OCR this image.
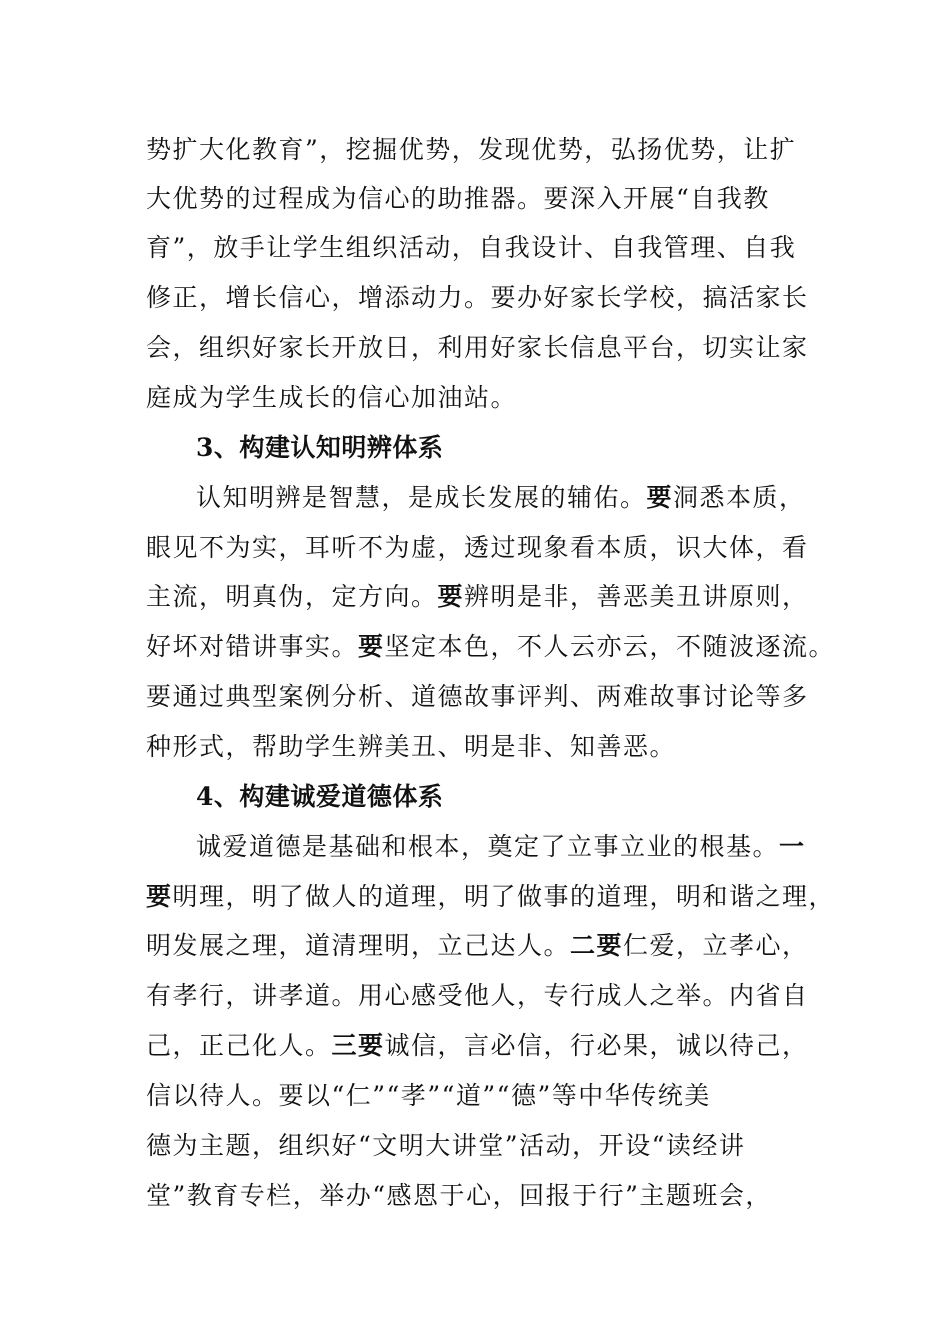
势扩大化教育”，挖掘优势，发现优势，弘扬优势，让扩
大优势的过程成为信心的助推器。要深入开展“自我教
育”，放手让学生组织活动，自我设计、自我管理、自我
修正，增长信心，增添动力。要办好家长学校，搞活家长
会，组织好家长开放日，利用好家长信息平台，切实让家
庭成为学生成长的信心加油站。
3、构建认知明辨体系
认知明辨是智慧，是成长发展的辅佑。要洞悉本质，
眼见不为实，耳听不为虚，透过现象看本质，识大体，看
主流，明真伪，定方向。要辨明是非，善恶美丑讲原则，
好坏对错讲事实。要坚定本色，不人云亦云，不随波逐流。
要通过典型案例分析、道德故事评判、两难故事讨论等多
种形式，帮助学生辨美丑、明是非、知善恶。
4、构建诚爱道德体系
诚爱道德是基础和根本，奠定了立事立业的根基。一
要明理，明了做人的道理，明了做事的道理，明和谐之理，
明发展之理，道清理明，立己达人。二要仁爱，立孝心，
有孝行，讲孝道。用心感受他人，专行成人之举。内省自
己，正己化人。三要诚信，言必信，行必果，诚以待己，
信以待人。要以“仁”“孝”“道”“德”等中华传统美
德为主题，组织好“文明大讲堂”活动，开设“读经讲
堂”教育专栏，举办“感恩于心，回报于行”主题班会，
